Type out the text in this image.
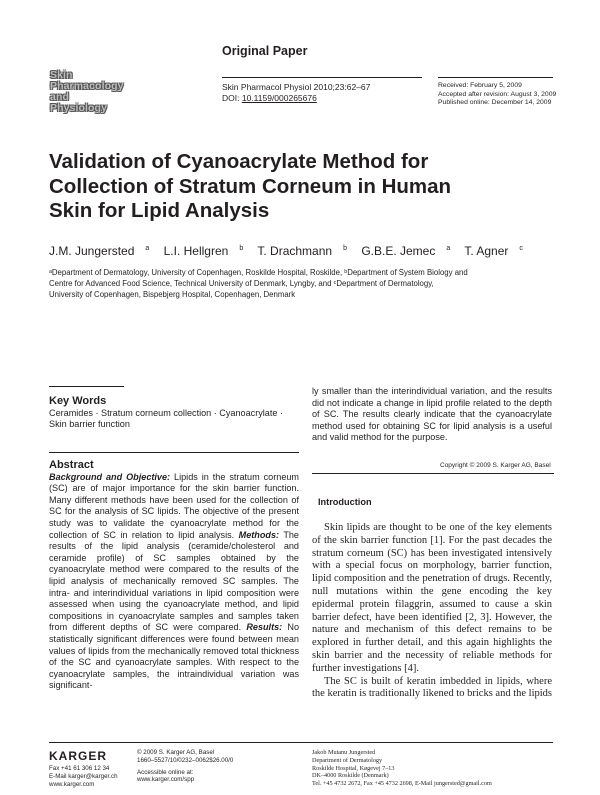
Skin
Pharmacology
and
Physiology
Original Paper
Skin Pharmacol Physiol 2010;23:62–67
DOI: 10.1159/000265676
Received: February 5, 2009
Accepted after revision: August 3, 2009
Published online: December 14, 2009
Validation of Cyanoacrylate Method for Collection of Stratum Corneum in Human Skin for Lipid Analysis
J.M. Jungersted $^a$ L.I. Hellgren $^b$ T. Drachmann $^b$ G.B.E. Jemec $^a$ T. Agner $^c$
ᵃDepartment of Dermatology, University of Copenhagen, Roskilde Hospital, Roskilde, ᵇDepartment of System Biology and Centre for Advanced Food Science, Technical University of Denmark, Lyngby, and ᶜDepartment of Dermatology, University of Copenhagen, Bispebjerg Hospital, Copenhagen, Denmark
Key Words
Ceramides · Stratum corneum collection · Cyanoacrylate · Skin barrier function
Abstract
Background and Objective: Lipids in the stratum corneum (SC) are of major importance for the skin barrier function. Many different methods have been used for the collection of SC for the analysis of SC lipids. The objective of the present study was to validate the cyanoacrylate method for the collection of SC in relation to lipid analysis. Methods: The results of the lipid analysis (ceramide/cholesterol and ceramide profile) of SC samples obtained by the cyanoacrylate method were compared to the results of the lipid analysis of mechanically removed SC samples. The intra- and interindividual variations in lipid composition were assessed when using the cyanoacrylate method, and lipid compositions in cyanoacrylate samples and samples taken from different depths of SC were compared. Results: No statistically significant differences were found between mean values of lipids from the mechanically removed total thickness of the SC and cyanoacrylate samples. With respect to the cyanoacrylate samples, the intraindividual variation was significant-
ly smaller than the interindividual variation, and the results did not indicate a change in lipid profile related to the depth of SC. The results clearly indicate that the cyanoacrylate method used for obtaining SC for lipid analysis is a useful and valid method for the purpose.
Copyright © 2009 S. Karger AG, Basel
Introduction

Skin lipids are thought to be one of the key elements of the skin barrier function [1]. For the past decades the stratum corneum (SC) has been investigated intensively with a special focus on morphology, barrier function, lipid composition and the penetration of drugs. Recently, null mutations within the gene encoding the key epidermal protein filaggrin, assumed to cause a skin barrier defect, have been identified [2, 3]. However, the nature and mechanism of this defect remains to be explored in further detail, and this again highlights the skin barrier and the necessity of reliable methods for further investigations [4].

The SC is built of keratin imbedded in lipids, where the keratin is traditionally likened to bricks and the lipids

KARGER
Fax +41 61 306 12 34
E-Mail karger@karger.ch
www.karger.com
© 2009 S. Karger AG, Basel
1660–5527/10/0232–0062$26.00/0
Accessible online at:
www.karger.com/spp
Jakob Mutanu Jungersted
Department of Dermatology
Roskilde Hospital, Køgevej 7–13
DK–4000 Roskilde (Denmark)
Tel. +45 4732 2672, Fax +45 4732 2698, E-Mail jungersted@gmail.com
